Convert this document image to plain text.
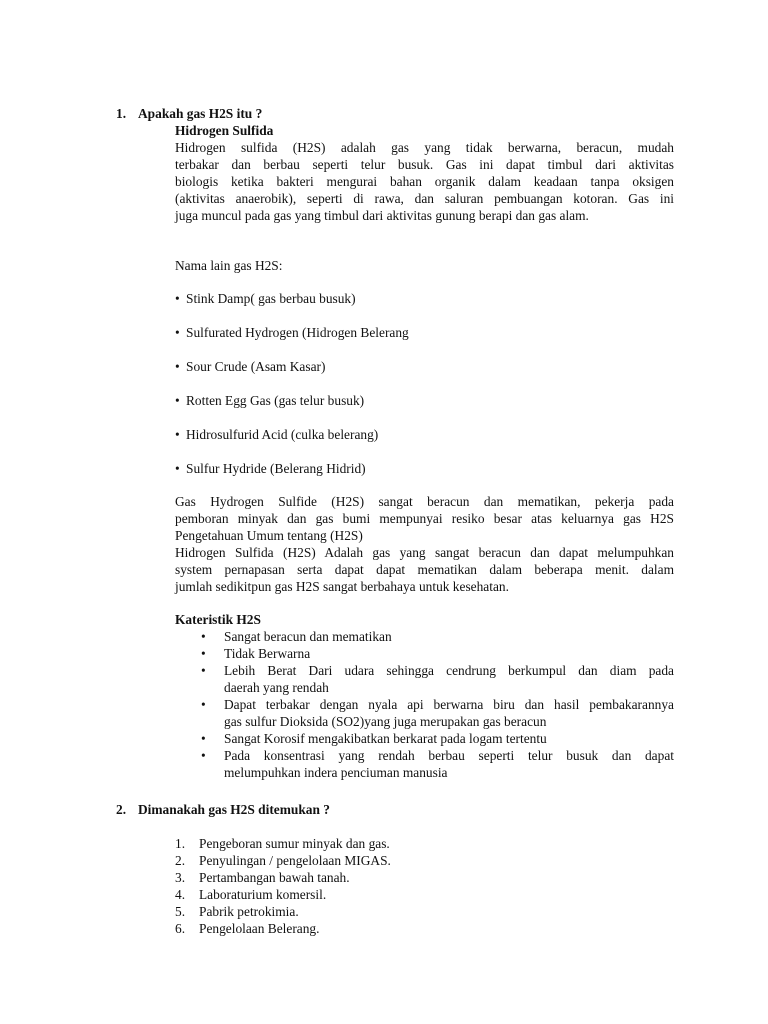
1. Apakah gas H2S itu ?
Hidrogen Sulfida
Hidrogen sulfida (H2S) adalah gas yang tidak berwarna, beracun, mudah
terbakar dan berbau seperti telur busuk. Gas ini dapat timbul dari aktivitas
biologis ketika bakteri mengurai bahan organik dalam keadaan tanpa oksigen
(aktivitas anaerobik), seperti di rawa, dan saluran pembuangan kotoran. Gas ini
juga muncul pada gas yang timbul dari aktivitas gunung berapi dan gas alam.
Nama lain gas H2S:
• Stink Damp( gas berbau busuk)
• Sulfurated Hydrogen (Hidrogen Belerang
• Sour Crude (Asam Kasar)
• Rotten Egg Gas (gas telur busuk)
• Hidrosulfurid Acid (culka belerang)
• Sulfur Hydride (Belerang Hidrid)
Gas Hydrogen Sulfide (H2S) sangat beracun dan mematikan, pekerja pada
pemboran minyak dan gas bumi mempunyai resiko besar atas keluarnya gas H2S
Pengetahuan Umum tentang (H2S)
Hidrogen Sulfida (H2S) Adalah gas yang sangat beracun dan dapat melumpuhkan
system pernapasan serta dapat dapat mematikan dalam beberapa menit. dalam
jumlah sedikitpun gas H2S sangat berbahaya untuk kesehatan.
Kateristik H2S
• Sangat beracun dan mematikan
• Tidak Berwarna
• Lebih Berat Dari udara sehingga cendrung berkumpul dan diam pada
daerah yang rendah
• Dapat terbakar dengan nyala api berwarna biru dan hasil pembakarannya
gas sulfur Dioksida (SO2)yang juga merupakan gas beracun
• Sangat Korosif mengakibatkan berkarat pada logam tertentu
• Pada konsentrasi yang rendah berbau seperti telur busuk dan dapat
melumpuhkan indera penciuman manusia
2. Dimanakah gas H2S ditemukan ?
1.	Pengeboran sumur minyak dan gas.
2.	Penyulingan / pengelolaan MIGAS.
3.	Pertambangan bawah tanah.
4.	Laboraturium komersil.
5.	Pabrik petrokimia.
6.	Pengelolaan Belerang.
